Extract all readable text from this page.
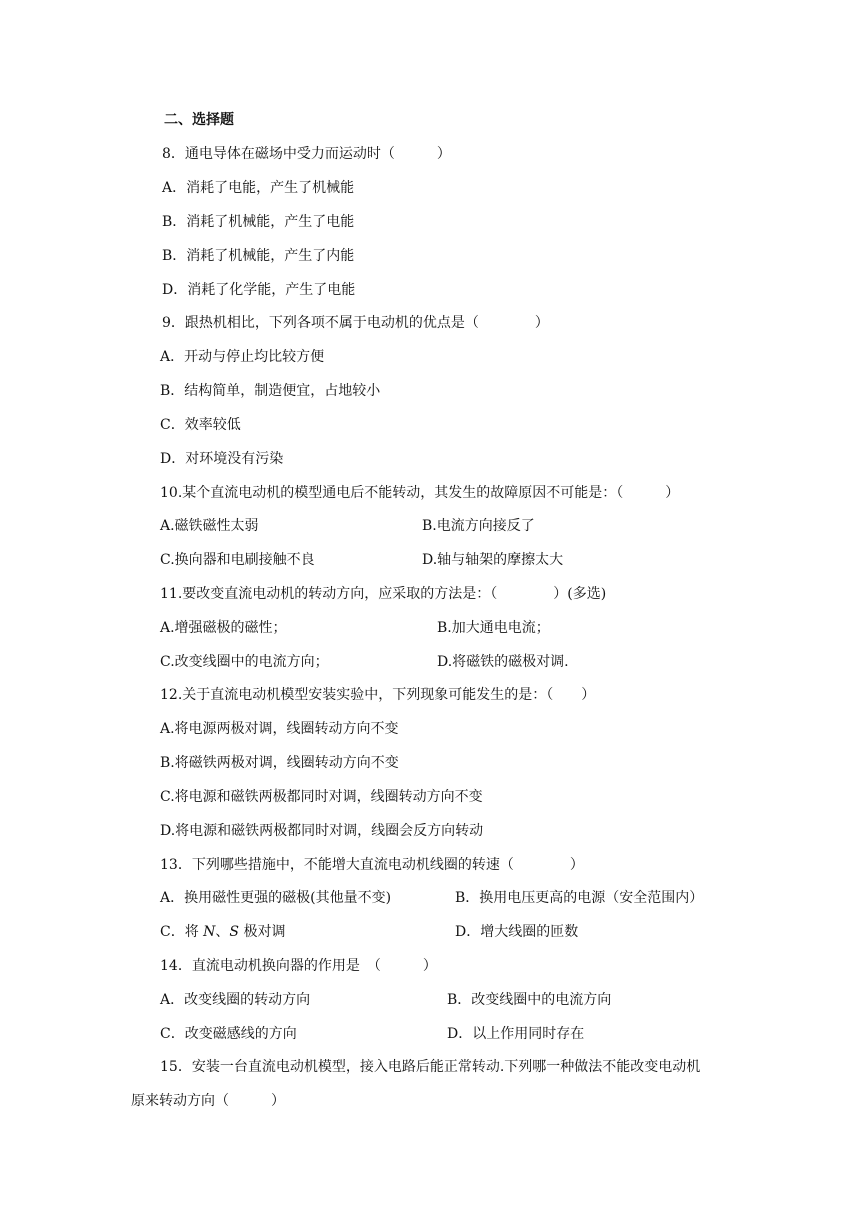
二、选择题
8．通电导体在磁场中受力而运动时（　　　）
A．消耗了电能，产生了机械能
B．消耗了机械能，产生了电能
B．消耗了机械能，产生了内能
D．消耗了化学能，产生了电能
9．跟热机相比，下列各项不属于电动机的优点是（　　　　）
A．开动与停止均比较方便
B．结构简单，制造便宜，占地较小
C．效率较低
D．对环境没有污染
10.某个直流电动机的模型通电后不能转动，其发生的故障原因不可能是：（　　　）
A.磁铁磁性太弱	B.电流方向接反了
C.换向器和电刷接触不良	D.轴与轴架的摩擦太大
11.要改变直流电动机的转动方向，应采取的方法是：（　　　　）(多选)
A.增强磁极的磁性；	B.加大通电电流；
C.改变线圈中的电流方向；	D.将磁铁的磁极对调.
12.关于直流电动机模型安装实验中，下列现象可能发生的是：（　　）
A.将电源两极对调，线圈转动方向不变
B.将磁铁两极对调，线圈转动方向不变
C.将电源和磁铁两极都同时对调，线圈转动方向不变
D.将电源和磁铁两极都同时对调，线圈会反方向转动
13．下列哪些措施中，不能增大直流电动机线圈的转速（　　　　）
A．换用磁性更强的磁极(其他量不变)	B．换用电压更高的电源（安全范围内）
C．将 N、S 极对调	D．增大线圈的匝数
14．直流电动机换向器的作用是　（　　　）
A．改变线圈的转动方向	B．改变线圈中的电流方向
C．改变磁感线的方向	D．以上作用同时存在
15．安装一台直流电动机模型，接入电路后能正常转动.下列哪一种做法不能改变电动机
原来转动方向（　　　）
